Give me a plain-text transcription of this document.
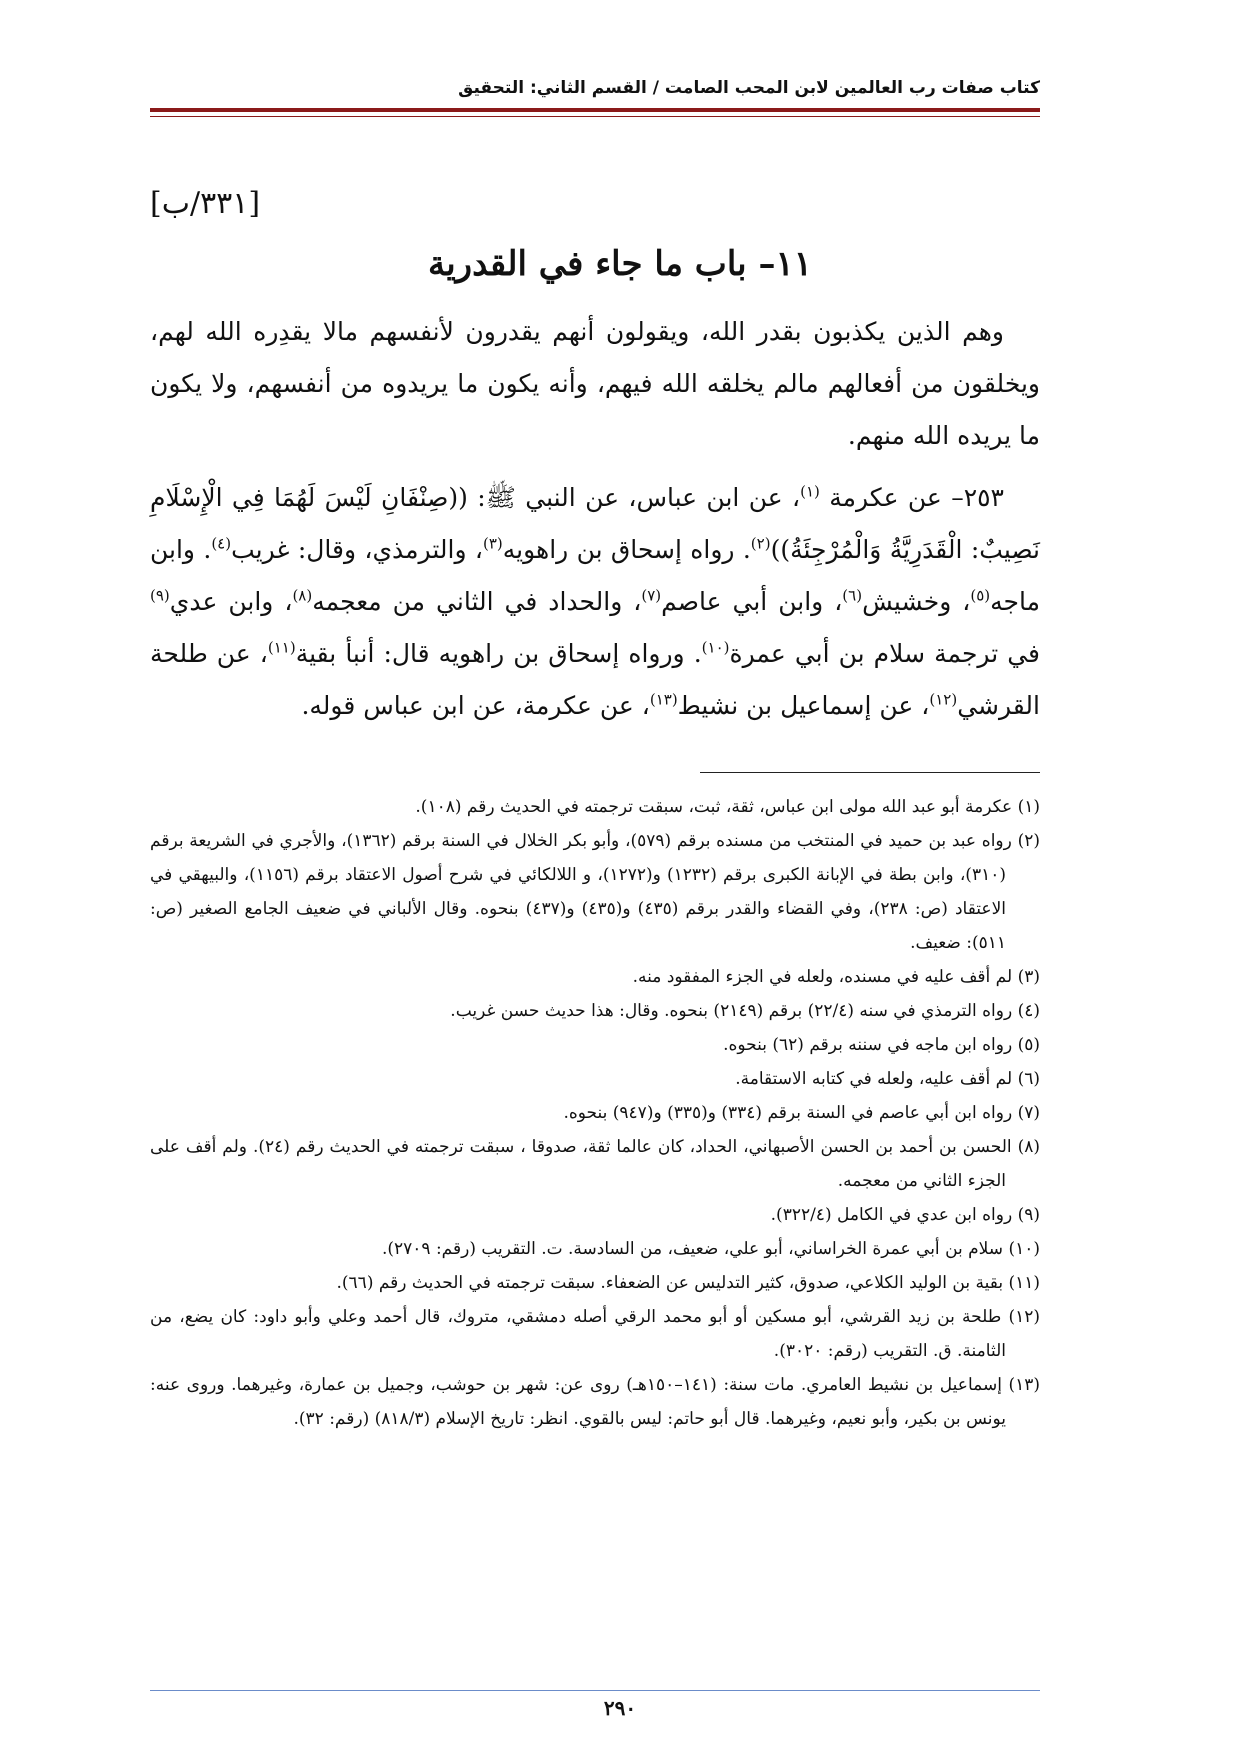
كتاب صفات رب العالمين لابن المحب الصامت / القسم الثاني: التحقيق
[٣٣١/ب]
١١– باب ما جاء في القدرية

وهم الذين يكذبون بقدر الله، ويقولون أنهم يقدرون لأنفسهم مالا يقدِره الله لهم، ويخلقون من أفعالهم مالم يخلقه الله فيهم، وأنه يكون ما يريدوه من أنفسهم، ولا يكون ما يريده الله منهم.

٢٥٣– عن عكرمة $^{(١)}$، عن ابن عباس، عن النبي ﷺ: ((صِنْفَانِ لَيْسَ لَهُمَا فِي الْإِسْلَامِ نَصِيبٌ: الْقَدَرِيَّةُ وَالْمُرْجِئَةُ))$^{(٢)}$. رواه إسحاق بن راهويه$^{(٣)}$، والترمذي، وقال: غريب$^{(٤)}$. وابن ماجه$^{(٥)}$، وخشيش$^{(٦)}$، وابن أبي عاصم$^{(٧)}$، والحداد في الثاني من معجمه$^{(٨)}$، وابن عدي$^{(٩)}$ في ترجمة سلام بن أبي عمرة$^{(١٠)}$. ورواه إسحاق بن راهويه قال: أنبأ بقية$^{(١١)}$، عن طلحة القرشي$^{(١٢)}$، عن إسماعيل بن نشيط$^{(١٣)}$، عن عكرمة، عن ابن عباس قوله.

(١) عكرمة أبو عبد الله مولى ابن عباس، ثقة، ثبت، سبقت ترجمته في الحديث رقم (١٠٨).

(٢) رواه عبد بن حميد في المنتخب من مسنده برقم (٥٧٩)، وأبو بكر الخلال في السنة برقم (١٣٦٢)، والأجري في الشريعة برقم (٣١٠)، وابن بطة في الإبانة الكبرى برقم (١٢٣٢) و(١٢٧٢)، و اللالكائي في شرح أصول الاعتقاد برقم (١١٥٦)، والبيهقي في الاعتقاد (ص: ٢٣٨)، وفي القضاء والقدر برقم (٤٣٥) و(٤٣٥) و(٤٣٧) بنحوه. وقال الألباني في ضعيف الجامع الصغير (ص: ٥١١): ضعيف.

(٣) لم أقف عليه في مسنده، ولعله في الجزء المفقود منه.

(٤) رواه الترمذي في سنه (٢٢/٤) برقم (٢١٤٩) بنحوه. وقال: هذا حديث حسن غريب.

(٥) رواه ابن ماجه في سننه برقم (٦٢) بنحوه.

(٦) لم أقف عليه، ولعله في كتابه الاستقامة.

(٧) رواه ابن أبي عاصم في السنة برقم (٣٣٤) و(٣٣٥) و(٩٤٧) بنحوه.

(٨) الحسن بن أحمد بن الحسن الأصبهاني، الحداد، كان عالما ثقة، صدوقا ، سبقت ترجمته في الحديث رقم (٢٤). ولم أقف على الجزء الثاني من معجمه.

(٩) رواه ابن عدي في الكامل (٣٢٢/٤).

(١٠) سلام بن أبي عمرة الخراساني، أبو علي، ضعيف، من السادسة. ت. التقريب (رقم: ٢٧٠٩).

(١١) بقية بن الوليد الكلاعي، صدوق، كثير التدليس عن الضعفاء. سبقت ترجمته في الحديث رقم (٦٦).

(١٢) طلحة بن زيد القرشي، أبو مسكين أو أبو محمد الرقي أصله دمشقي، متروك، قال أحمد وعلي وأبو داود: كان يضع، من الثامنة. ق. التقريب (رقم: ٣٠٢٠).

(١٣) إسماعيل بن نشيط العامري. مات سنة: (١٤١–١٥٠هـ) روى عن: شهر بن حوشب، وجميل بن عمارة، وغيرهما. وروى عنه: يونس بن بكير، وأبو نعيم، وغيرهما. قال أبو حاتم: ليس بالقوي. انظر: تاريخ الإسلام (٨١٨/٣) (رقم: ٣٢).

٢٩٠
